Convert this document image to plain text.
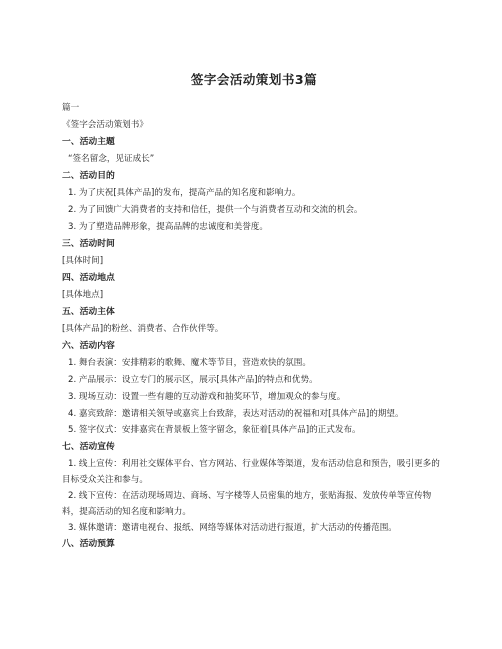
签字会活动策划书3篇
篇一
《签字会活动策划书》
一、活动主题
“签名留念，见证成长”
二、活动目的
1. 为了庆祝[具体产品]的发布，提高产品的知名度和影响力。
2. 为了回馈广大消费者的支持和信任，提供一个与消费者互动和交流的机会。
3. 为了塑造品牌形象，提高品牌的忠诚度和美誉度。
三、活动时间
[具体时间]
四、活动地点
[具体地点]
五、活动主体
[具体产品]的粉丝、消费者、合作伙伴等。
六、活动内容
1. 舞台表演：安排精彩的歌舞、魔术等节目，营造欢快的氛围。
2. 产品展示：设立专门的展示区，展示[具体产品]的特点和优势。
3. 现场互动：设置一些有趣的互动游戏和抽奖环节，增加观众的参与度。
4. 嘉宾致辞：邀请相关领导或嘉宾上台致辞，表达对活动的祝福和对[具体产品]的期望。
5. 签字仪式：安排嘉宾在背景板上签字留念，象征着[具体产品]的正式发布。
七、活动宣传
1. 线上宣传：利用社交媒体平台、官方网站、行业媒体等渠道，发布活动信息和预告，吸引更多的目标受众关注和参与。
2. 线下宣传：在活动现场周边、商场、写字楼等人员密集的地方，张贴海报、发放传单等宣传物料，提高活动的知名度和影响力。
3. 媒体邀请：邀请电视台、报纸、网络等媒体对活动进行报道，扩大活动的传播范围。
八、活动预算
